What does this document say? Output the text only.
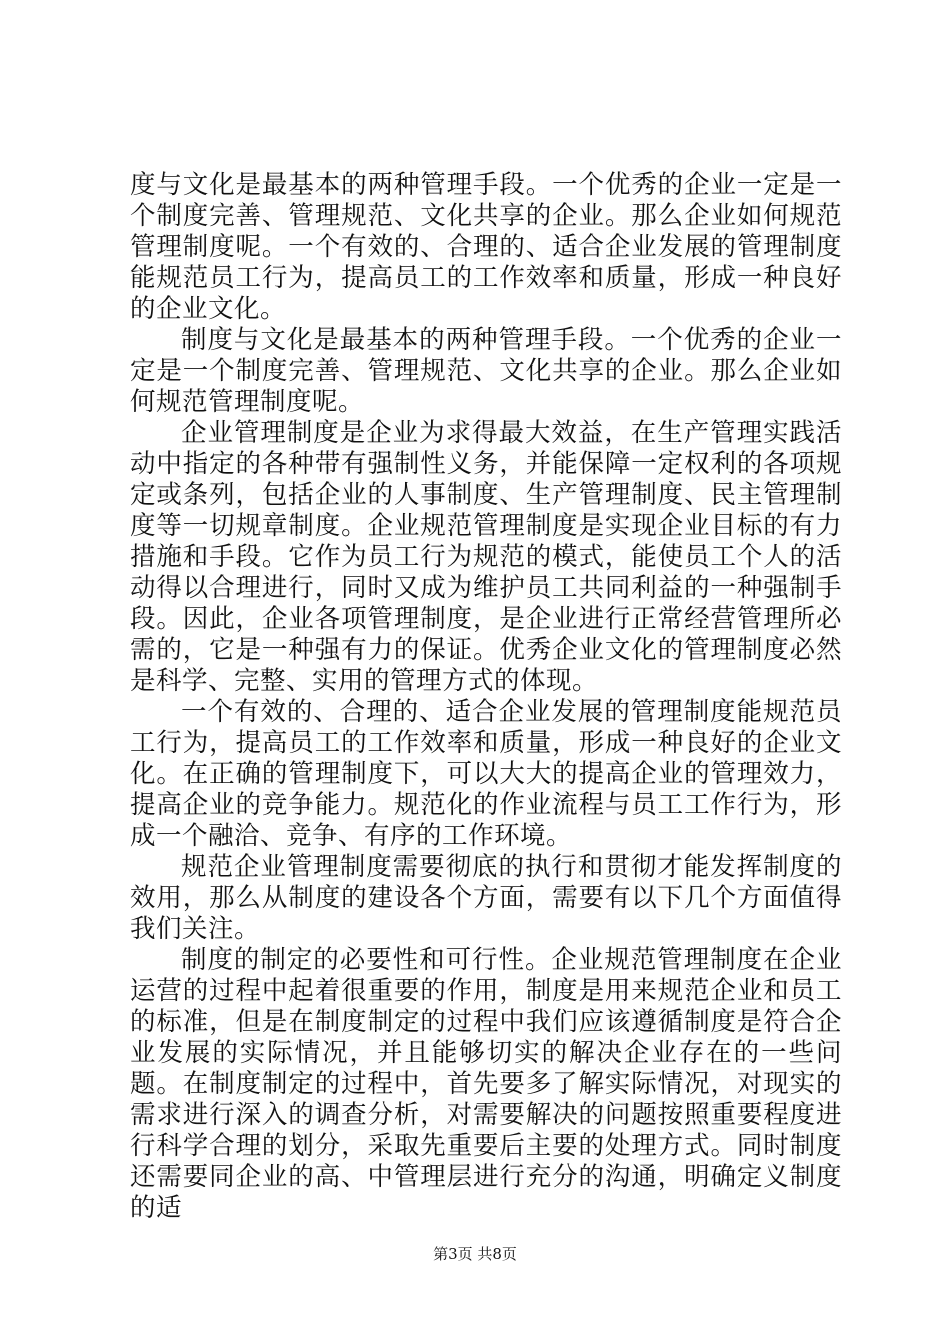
度与文化是最基本的两种管理手段。一个优秀的企业一定是一个制度完善、管理规范、文化共享的企业。那么企业如何规范管理制度呢。一个有效的、合理的、适合企业发展的管理制度能规范员工行为，提高员工的工作效率和质量，形成一种良好的企业文化。

制度与文化是最基本的两种管理手段。一个优秀的企业一定是一个制度完善、管理规范、文化共享的企业。那么企业如何规范管理制度呢。

企业管理制度是企业为求得最大效益，在生产管理实践活动中指定的各种带有强制性义务，并能保障一定权利的各项规定或条列，包括企业的人事制度、生产管理制度、民主管理制度等一切规章制度。企业规范管理制度是实现企业目标的有力措施和手段。它作为员工行为规范的模式，能使员工个人的活动得以合理进行，同时又成为维护员工共同利益的一种强制手段。因此，企业各项管理制度，是企业进行正常经营管理所必需的，它是一种强有力的保证。优秀企业文化的管理制度必然是科学、完整、实用的管理方式的体现。

一个有效的、合理的、适合企业发展的管理制度能规范员工行为，提高员工的工作效率和质量，形成一种良好的企业文化。在正确的管理制度下，可以大大的提高企业的管理效力，提高企业的竞争能力。规范化的作业流程与员工工作行为，形成一个融洽、竞争、有序的工作环境。

规范企业管理制度需要彻底的执行和贯彻才能发挥制度的效用，那么从制度的建设各个方面，需要有以下几个方面值得我们关注。

制度的制定的必要性和可行性。企业规范管理制度在企业运营的过程中起着很重要的作用，制度是用来规范企业和员工的标准，但是在制度制定的过程中我们应该遵循制度是符合企业发展的实际情况，并且能够切实的解决企业存在的一些问题。在制度制定的过程中，首先要多了解实际情况，对现实的需求进行深入的调查分析，对需要解决的问题按照重要程度进行科学合理的划分，采取先重要后主要的处理方式。同时制度还需要同企业的高、中管理层进行充分的沟通，明确定义制度的适

第3页 共8页
